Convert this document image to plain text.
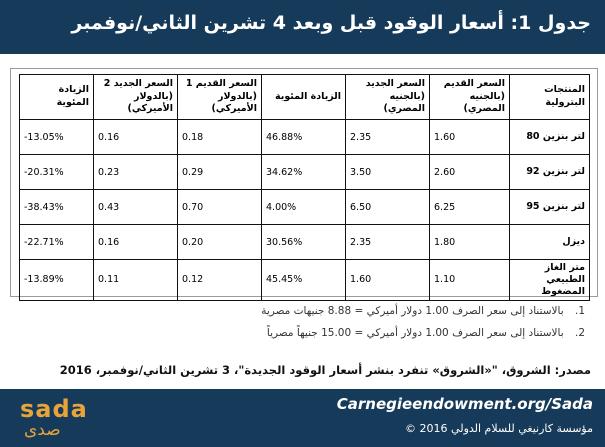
جدول 1: أسعار الوقود قبل وبعد 4 تشرين الثاني/نوفمبر
المنتجات البترولية	السعر القديم (بالجنيه المصري)	السعر الجديد (بالجنيه المصري)	الزيادة المئوية	السعر القديم 1 (بالدولار الأميركي)	السعر الجديد 2 (بالدولار الأميركي)	الزيادة المئوية
لتر بنزين 80	1.60	2.35	46.88%	0.18	0.16	-13.05%
لتر بنزين 92	2.60	3.50	34.62%	0.29	0.23	-20.31%
لتر بنزين 95	6.25	6.50	4.00%	0.70	0.43	-38.43%
ديزل	1.80	2.35	30.56%	0.20	0.16	-22.71%
متر الغاز الطبيعي المضغوط	1.10	1.60	45.45%	0.12	0.11	-13.89%
1. بالاستناد إلى سعر الصرف 1.00 دولار أميركي = 8.88 جنيهات مصرية
2. بالاستناد إلى سعر الصرف 1.00 دولار أميركي = 15.00 جنيهاً مصرياً
مصدر: الشروق، "«الشروق» تنفرد بنشر أسعار الوقود الجديدة"، 3 تشرين الثاني/نوفمبر، 2016
sada
صدى
Carnegieendowment.org/Sada
مؤسسة كارنيغي للسلام الدولي 2016 ©
